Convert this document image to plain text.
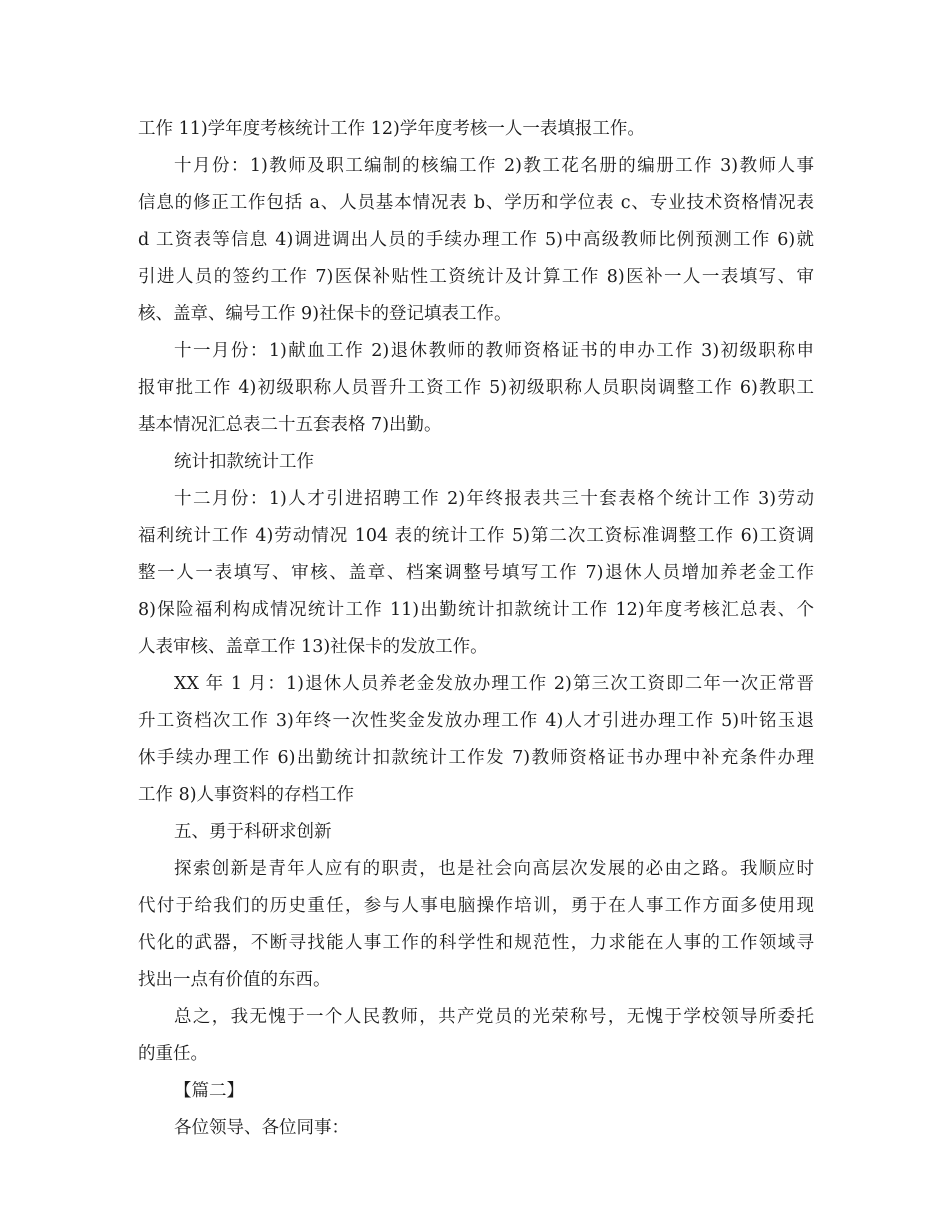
工作 11)学年度考核统计工作 12)学年度考核一人一表填报工作。
十月份：1)教师及职工编制的核编工作 2)教工花名册的编册工作 3)教师人事
信息的修正工作包括 a、人员基本情况表 b、学历和学位表 c、专业技术资格情况表
d 工资表等信息 4)调进调出人员的手续办理工作 5)中高级教师比例预测工作 6)就
引进人员的签约工作 7)医保补贴性工资统计及计算工作 8)医补一人一表填写、审
核、盖章、编号工作 9)社保卡的登记填表工作。
十一月份：1)献血工作 2)退休教师的教师资格证书的申办工作 3)初级职称申
报审批工作 4)初级职称人员晋升工资工作 5)初级职称人员职岗调整工作 6)教职工
基本情况汇总表二十五套表格 7)出勤。
统计扣款统计工作
十二月份：1)人才引进招聘工作 2)年终报表共三十套表格个统计工作 3)劳动
福利统计工作 4)劳动情况 104 表的统计工作 5)第二次工资标准调整工作 6)工资调
整一人一表填写、审核、盖章、档案调整号填写工作 7)退休人员增加养老金工作
8)保险福利构成情况统计工作 11)出勤统计扣款统计工作 12)年度考核汇总表、个
人表审核、盖章工作 13)社保卡的发放工作。
XX 年 1 月：1)退休人员养老金发放办理工作 2)第三次工资即二年一次正常晋
升工资档次工作 3)年终一次性奖金发放办理工作 4)人才引进办理工作 5)叶铭玉退
休手续办理工作 6)出勤统计扣款统计工作发 7)教师资格证书办理中补充条件办理
工作 8)人事资料的存档工作
五、勇于科研求创新
探索创新是青年人应有的职责，也是社会向高层次发展的必由之路。我顺应时
代付于给我们的历史重任，参与人事电脑操作培训，勇于在人事工作方面多使用现
代化的武器，不断寻找能人事工作的科学性和规范性，力求能在人事的工作领域寻
找出一点有价值的东西。
总之，我无愧于一个人民教师，共产党员的光荣称号，无愧于学校领导所委托
的重任。
【篇二】
各位领导、各位同事：
